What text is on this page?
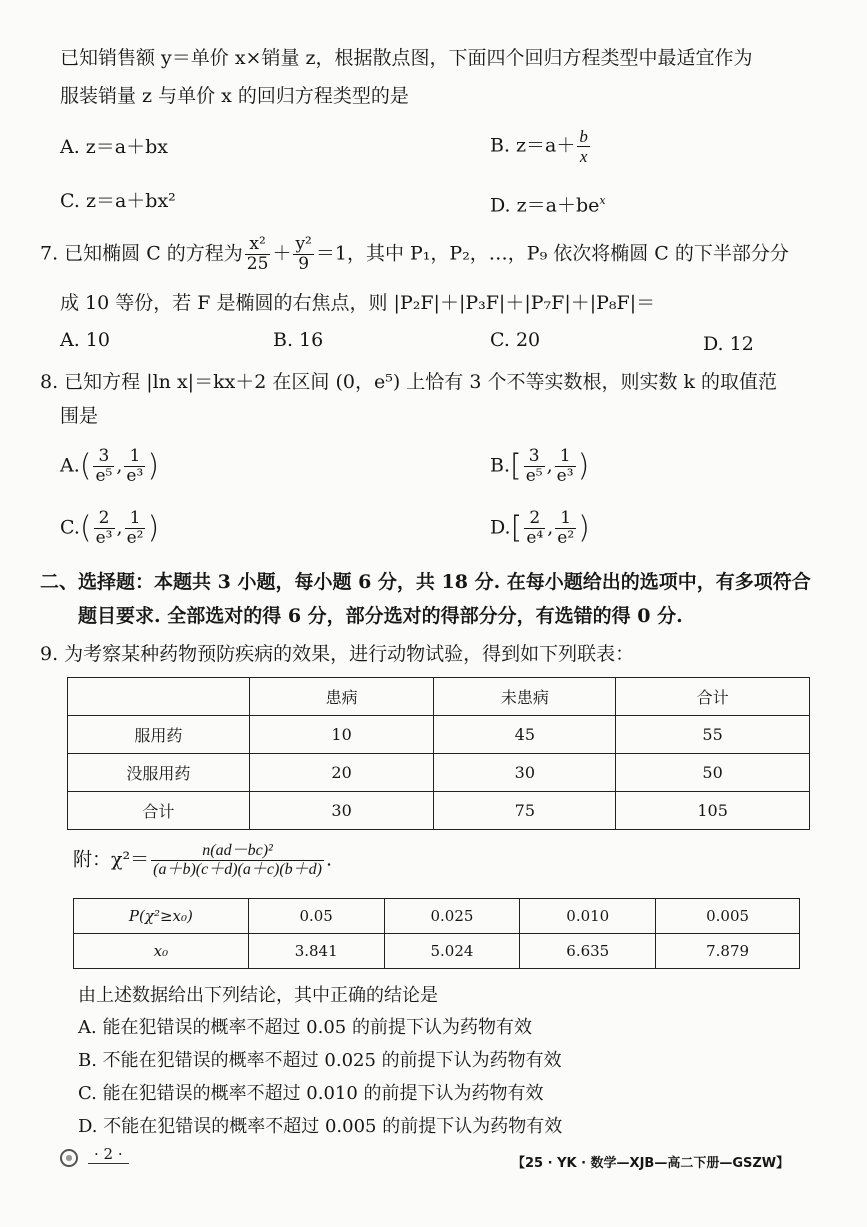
已知销售额 y＝单价 x×销量 z，根据散点图，下面四个回归方程类型中最适宜作为
服装销量 z 与单价 x 的回归方程类型的是
A. z＝a＋bx	B. $z=a+ \frac{b}{x}$
C. z＝a＋bx²	D. $z=a+be^x$
7. 已知椭圆 C 的方程为 $\frac{\text{x²}}{25} + \frac{\text{y²}}{9} =1$，其中 P₁，P₂，…，P₉ 依次将椭圆 C 的下半部分分
成 10 等份，若 F 是椭圆的右焦点，则 |P₂F|＋|P₃F|＋|P₇F|＋|P₈F|＝
A. 10	B. 16	C. 20	D. 12
8. 已知方程 |ln x|＝kx＋2 在区间 (0，e⁵) 上恰有 3 个不等实数根，则实数 k 的取值范
围是
$A.( \frac{3}{\text{e⁵}}$ , $\frac{1}{\text{e³}}$ )	$B.[ \frac{3}{\text{e⁵}}$ , $\frac{1}{\text{e³}}$ )
$C.( \frac{2}{\text{e³}}$ , $\frac{1}{\text{e²}}$ )	$D.[ \frac{2}{\text{e⁴}}$ , $\frac{1}{\text{e²}}$ )
二、选择题：本题共 3 小题，每小题 6 分，共 18 分. 在每小题给出的选项中，有多项符合
题目要求. 全部选对的得 6 分，部分选对的得部分分，有选错的得 0 分.
9. 为考察某种药物预防疾病的效果，进行动物试验，得到如下列联表：
	患病	未患病	合计
服用药	10	45	55
没服用药	20	30	50
合计	30	75	105
附：$\chi^2= \frac{\text{n(ad－bc)²}}{(a+b)(c+d)(a+c)(b+d)}$ .
P(χ²≥x₀)	0.05	0.025	0.010	0.005
x₀	3.841	5.024	6.635	7.879
由上述数据给出下列结论，其中正确的结论是
A. 能在犯错误的概率不超过 0.05 的前提下认为药物有效
B. 不能在犯错误的概率不超过 0.025 的前提下认为药物有效
C. 能在犯错误的概率不超过 0.010 的前提下认为药物有效
D. 不能在犯错误的概率不超过 0.005 的前提下认为药物有效
· 2 ·
【25 · YK · 数学—XJB—高二下册—GSZW】
